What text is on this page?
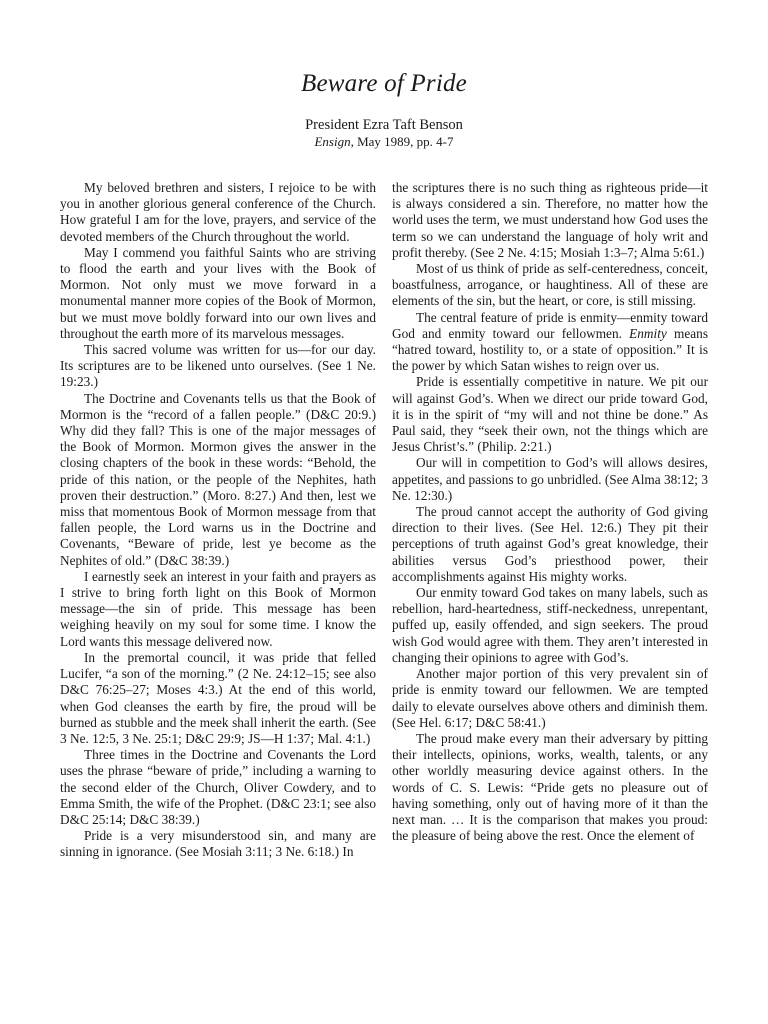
Beware of Pride

President Ezra Taft Benson

Ensign, May 1989, pp. 4-7

My beloved brethren and sisters, I rejoice to be with you in another glorious general conference of the Church. How grateful I am for the love, prayers, and service of the devoted members of the Church throughout the world.

May I commend you faithful Saints who are striving to flood the earth and your lives with the Book of Mormon. Not only must we move forward in a monumental manner more copies of the Book of Mormon, but we must move boldly forward into our own lives and throughout the earth more of its marvelous messages.

This sacred volume was written for us—for our day. Its scriptures are to be likened unto ourselves. (See 1 Ne. 19:23.)

The Doctrine and Covenants tells us that the Book of Mormon is the “record of a fallen people.” (D&C 20:9.) Why did they fall? This is one of the major messages of the Book of Mormon. Mormon gives the answer in the closing chapters of the book in these words: “Behold, the pride of this nation, or the people of the Nephites, hath proven their destruction.” (Moro. 8:27.) And then, lest we miss that momentous Book of Mormon message from that fallen people, the Lord warns us in the Doctrine and Covenants, “Beware of pride, lest ye become as the Nephites of old.” (D&C 38:39.)

I earnestly seek an interest in your faith and prayers as I strive to bring forth light on this Book of Mormon message—the sin of pride. This message has been weighing heavily on my soul for some time. I know the Lord wants this message delivered now.

In the premortal council, it was pride that felled Lucifer, “a son of the morning.” (2 Ne. 24:12–15; see also D&C 76:25–27; Moses 4:3.) At the end of this world, when God cleanses the earth by fire, the proud will be burned as stubble and the meek shall inherit the earth. (See 3 Ne. 12:5, 3 Ne. 25:1; D&C 29:9; JS—H 1:37; Mal. 4:1.)

Three times in the Doctrine and Covenants the Lord uses the phrase “beware of pride,” including a warning to the second elder of the Church, Oliver Cowdery, and to Emma Smith, the wife of the Prophet. (D&C 23:1; see also D&C 25:14; D&C 38:39.)

Pride is a very misunderstood sin, and many are sinning in ignorance. (See Mosiah 3:11; 3 Ne. 6:18.) In

the scriptures there is no such thing as righteous pride—it is always considered a sin. Therefore, no matter how the world uses the term, we must understand how God uses the term so we can understand the language of holy writ and profit thereby. (See 2 Ne. 4:15; Mosiah 1:3–7; Alma 5:61.)

Most of us think of pride as self-centeredness, conceit, boastfulness, arrogance, or haughtiness. All of these are elements of the sin, but the heart, or core, is still missing.

The central feature of pride is enmity—enmity toward God and enmity toward our fellowmen. Enmity means “hatred toward, hostility to, or a state of opposition.” It is the power by which Satan wishes to reign over us.

Pride is essentially competitive in nature. We pit our will against God’s. When we direct our pride toward God, it is in the spirit of “my will and not thine be done.” As Paul said, they “seek their own, not the things which are Jesus Christ’s.” (Philip. 2:21.)

Our will in competition to God’s will allows desires, appetites, and passions to go unbridled. (See Alma 38:12; 3 Ne. 12:30.)

The proud cannot accept the authority of God giving direction to their lives. (See Hel. 12:6.) They pit their perceptions of truth against God’s great knowledge, their abilities versus God’s priesthood power, their accomplishments against His mighty works.

Our enmity toward God takes on many labels, such as rebellion, hard-heartedness, stiff-neckedness, unrepentant, puffed up, easily offended, and sign seekers. The proud wish God would agree with them. They aren’t interested in changing their opinions to agree with God’s.

Another major portion of this very prevalent sin of pride is enmity toward our fellowmen. We are tempted daily to elevate ourselves above others and diminish them. (See Hel. 6:17; D&C 58:41.)

The proud make every man their adversary by pitting their intellects, opinions, works, wealth, talents, or any other worldly measuring device against others. In the words of C. S. Lewis: “Pride gets no pleasure out of having something, only out of having more of it than the next man. … It is the comparison that makes you proud: the pleasure of being above the rest. Once the element of
